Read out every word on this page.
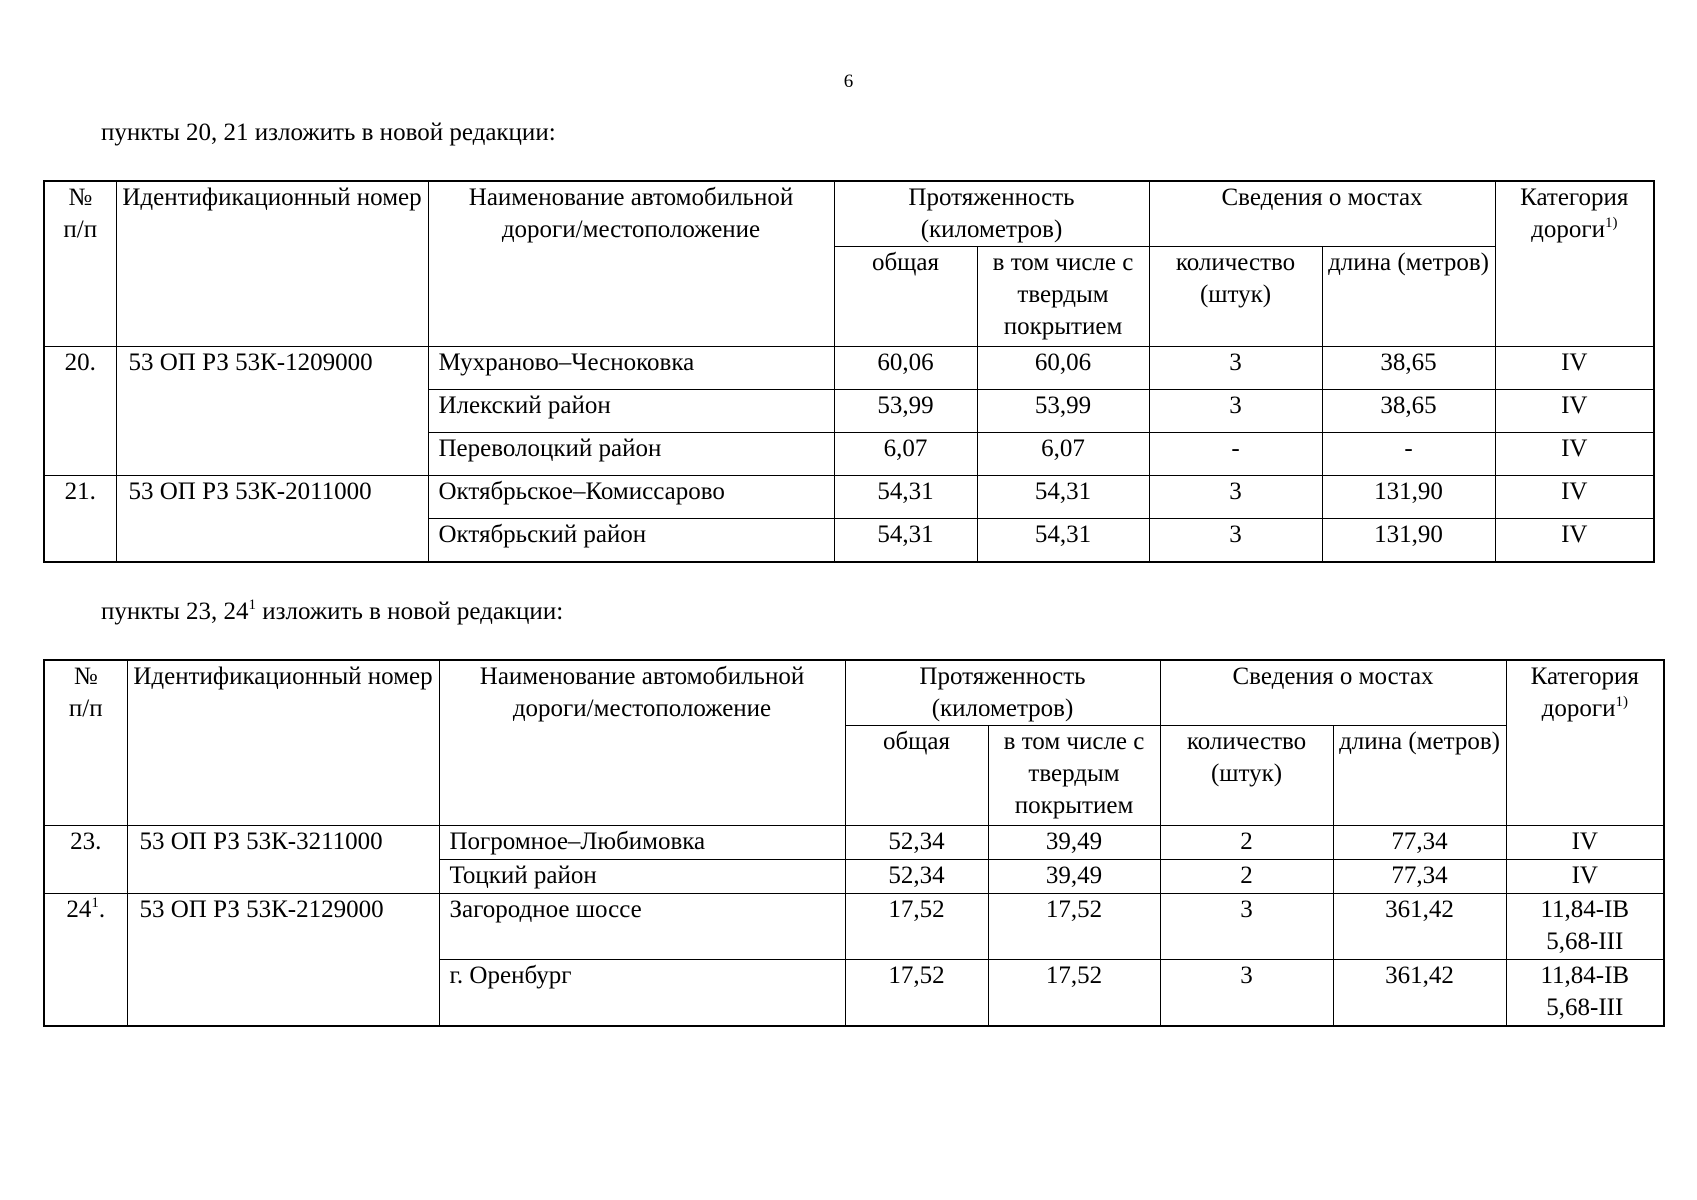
6
пункты 20, 21 изложить в новой редакции:
№
п/п	Идентификационный номер	Наименование автомобильной дороги/местоположение	Протяженность (километров)		Сведения о мостах		Категория дороги$^{1)}$
			общая	в том числе с твердым покрытием	количество (штук)	длина (метров)	
20.	53 ОП РЗ 53К-1209000	Мухраново–Чесноковка	60,06	60,06	3	38,65	IV
		Илекский район	53,99	53,99	3	38,65	IV
		Переволоцкий район	6,07	6,07	-	-	IV
21.	53 ОП РЗ 53К-2011000	Октябрьское–Комиссарово	54,31	54,31	3	131,90	IV
		Октябрьский район	54,31	54,31	3	131,90	IV
пункты 23, $24^1$ изложить в новой редакции:
№
п/п	Идентификационный номер	Наименование автомобильной дороги/местоположение	Протяженность (километров)		Сведения о мостах		Категория дороги$^{1)}$
			общая	в том числе с твердым покрытием	количество (штук)	длина (метров)	
23.	53 ОП РЗ 53К-3211000	Погромное–Любимовка	52,34	39,49	2	77,34	IV
		Тоцкий район	52,34	39,49	2	77,34	IV
$24^1$.	53 ОП РЗ 53К-2129000	Загородное шоссе	17,52	17,52	3	361,42	11,84-IB
5,68-III
		г. Оренбург	17,52	17,52	3	361,42	11,84-IB
5,68-III
